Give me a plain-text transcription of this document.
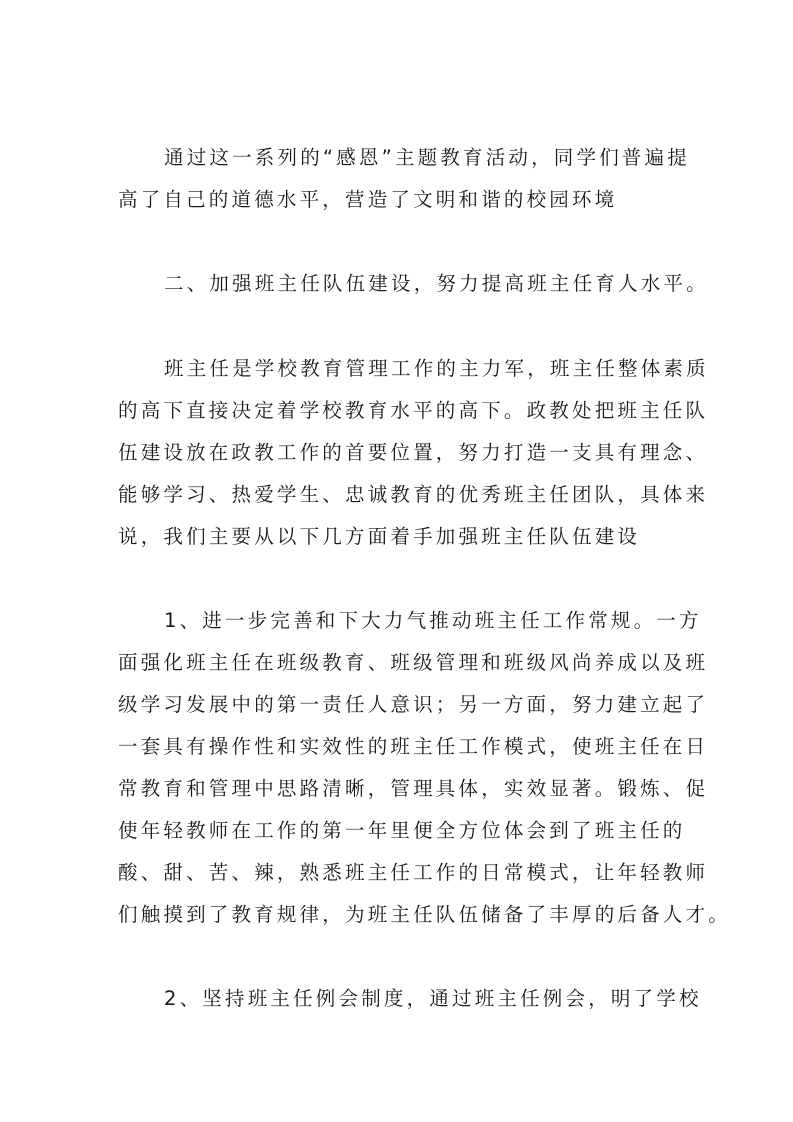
通过这一系列的“感恩”主题教育活动，同学们普遍提
高了自己的道德水平，营造了文明和谐的校园环境
二、加强班主任队伍建设，努力提高班主任育人水平。
班主任是学校教育管理工作的主力军，班主任整体素质
的高下直接决定着学校教育水平的高下。政教处把班主任队
伍建设放在政教工作的首要位置，努力打造一支具有理念、
能够学习、热爱学生、忠诚教育的优秀班主任团队，具体来
说，我们主要从以下几方面着手加强班主任队伍建设
1、进一步完善和下大力气推动班主任工作常规。一方
面强化班主任在班级教育、班级管理和班级风尚养成以及班
级学习发展中的第一责任人意识；另一方面，努力建立起了
一套具有操作性和实效性的班主任工作模式，使班主任在日
常教育和管理中思路清晰，管理具体，实效显著。锻炼、促
使年轻教师在工作的第一年里便全方位体会到了班主任的
酸、甜、苦、辣，熟悉班主任工作的日常模式，让年轻教师
们触摸到了教育规律，为班主任队伍储备了丰厚的后备人才。
2、坚持班主任例会制度，通过班主任例会，明了学校
